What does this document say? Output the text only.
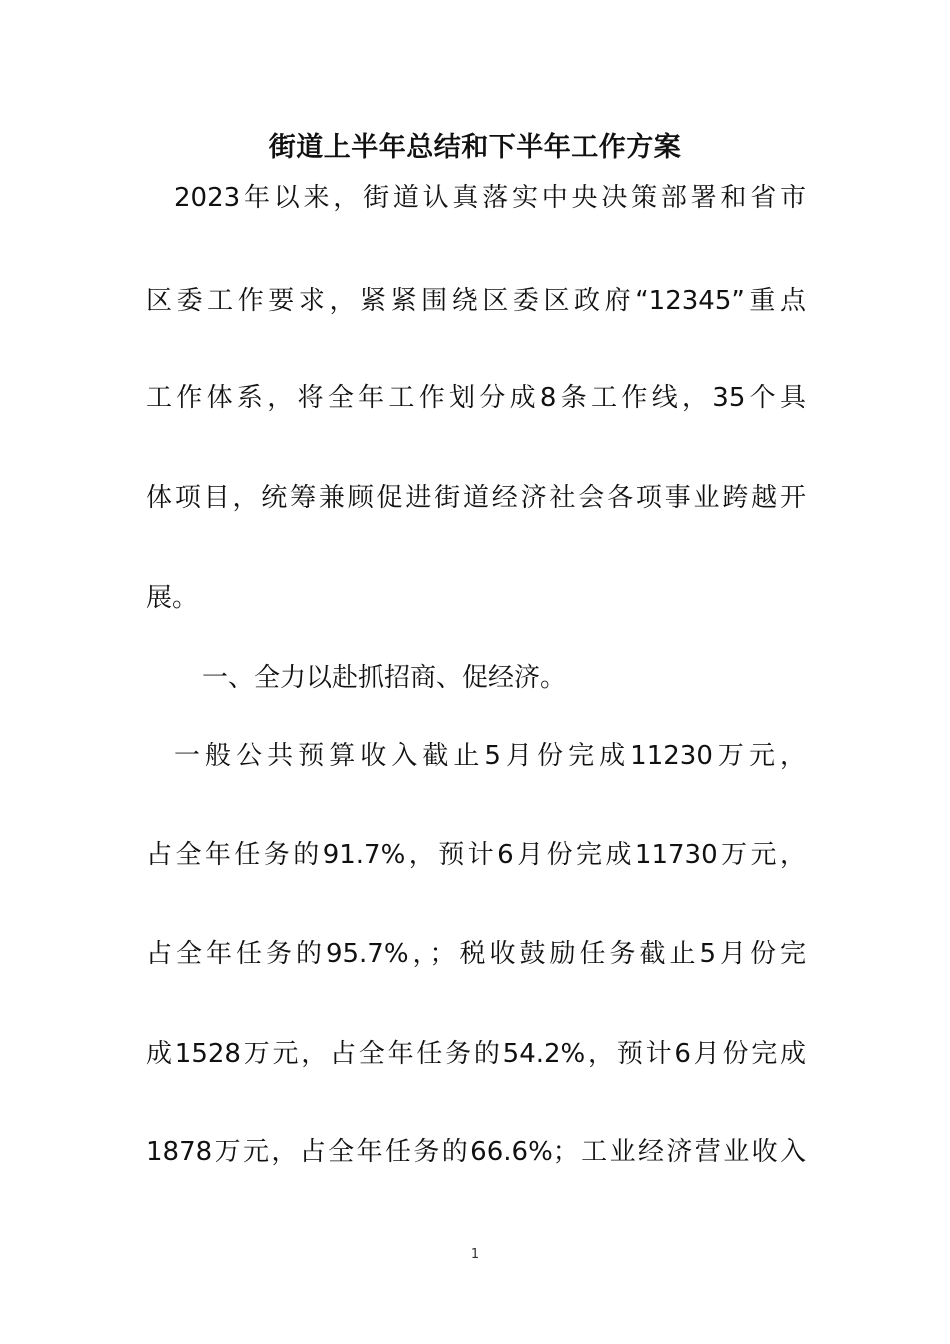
街道上半年总结和下半年工作方案
2023年以来，街道认真落实中央决策部署和省市
区委工作要求，紧紧围绕区委区政府“12345”重点
工作体系，将全年工作划分成8条工作线，35个具
体项目，统筹兼顾促进街道经济社会各项事业跨越开
展。
一、全力以赴抓招商、促经济。
一般公共预算收入截止5月份完成11230万元，
占全年任务的91.7%，预计6月份完成11730万元，
占全年任务的95.7%，；税收鼓励任务截止5月份完
成1528万元，占全年任务的54.2%，预计6月份完成
1878万元，占全年任务的66.6%；工业经济营业收入
1
